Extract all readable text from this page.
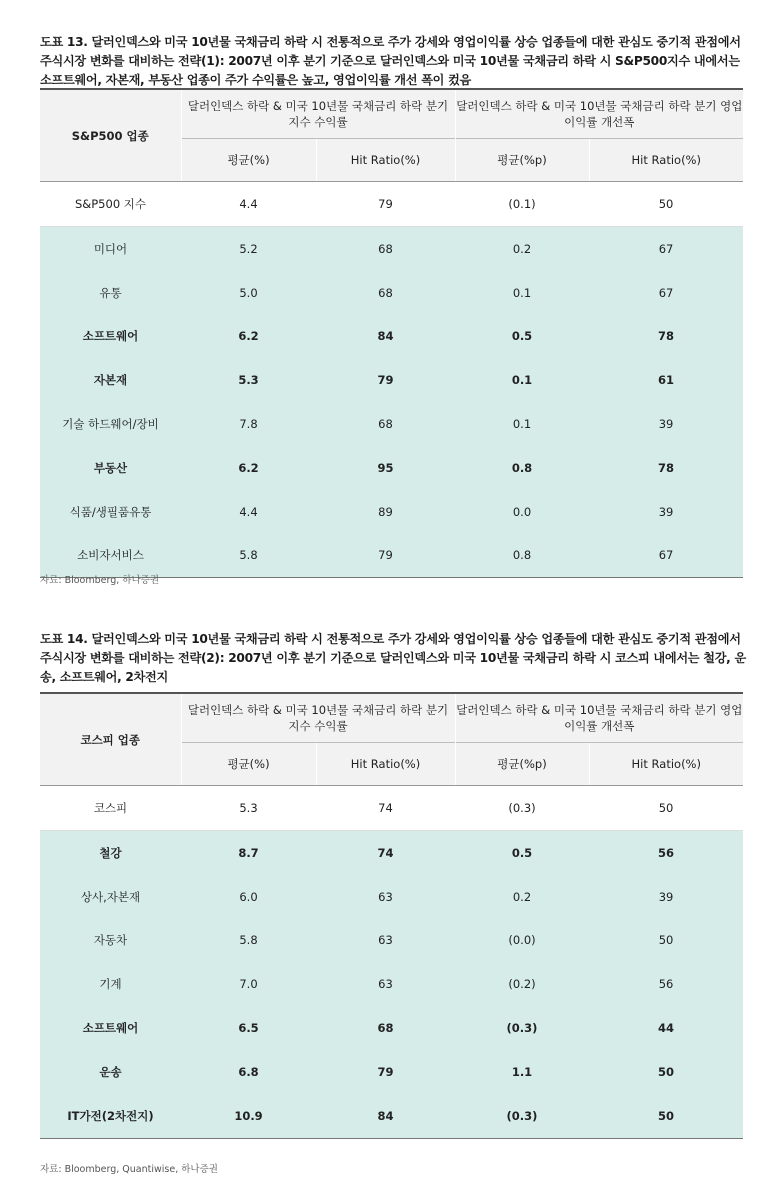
도표 13. 달러인덱스와 미국 10년물 국채금리 하락 시 전통적으로 주가 강세와 영업이익률 상승 업종들에 대한 관심도 중기적 관점에서 주식시장 변화를 대비하는 전략(1): 2007년 이후 분기 기준으로 달러인덱스와 미국 10년물 국채금리 하락 시 S&P500지수 내에서는 소프트웨어, 자본재, 부동산 업종이 주가 수익률은 높고, 영업이익률 개선 폭이 컸음
S&P500 업종	달러인덱스 하락 & 미국 10년물 국채금리 하락 분기 지수 수익률		달러인덱스 하락 & 미국 10년물 국채금리 하락 분기 영업이익률 개선폭	
	평균(%)	Hit Ratio(%)	평균(%p)	Hit Ratio(%)
S&P500 지수	4.4	79	(0.1)	50
미디어	5.2	68	0.2	67
유통	5.0	68	0.1	67
소프트웨어	6.2	84	0.5	78
자본재	5.3	79	0.1	61
기술 하드웨어/장비	7.8	68	0.1	39
부동산	6.2	95	0.8	78
식품/생필품유통	4.4	89	0.0	39
소비자서비스	5.8	79	0.8	67
자료: Bloomberg, 하나증권
도표 14. 달러인덱스와 미국 10년물 국채금리 하락 시 전통적으로 주가 강세와 영업이익률 상승 업종들에 대한 관심도 중기적 관점에서 주식시장 변화를 대비하는 전략(2): 2007년 이후 분기 기준으로 달러인덱스와 미국 10년물 국채금리 하락 시 코스피 내에서는 철강, 운송, 소프트웨어, 2차전지
코스피 업종	달러인덱스 하락 & 미국 10년물 국채금리 하락 분기 지수 수익률		달러인덱스 하락 & 미국 10년물 국채금리 하락 분기 영업이익률 개선폭	
	평균(%)	Hit Ratio(%)	평균(%p)	Hit Ratio(%)
코스피	5.3	74	(0.3)	50
철강	8.7	74	0.5	56
상사,자본재	6.0	63	0.2	39
자동차	5.8	63	(0.0)	50
기계	7.0	63	(0.2)	56
소프트웨어	6.5	68	(0.3)	44
운송	6.8	79	1.1	50
IT가전(2차전지)	10.9	84	(0.3)	50
자료: Bloomberg, Quantiwise, 하나증권
